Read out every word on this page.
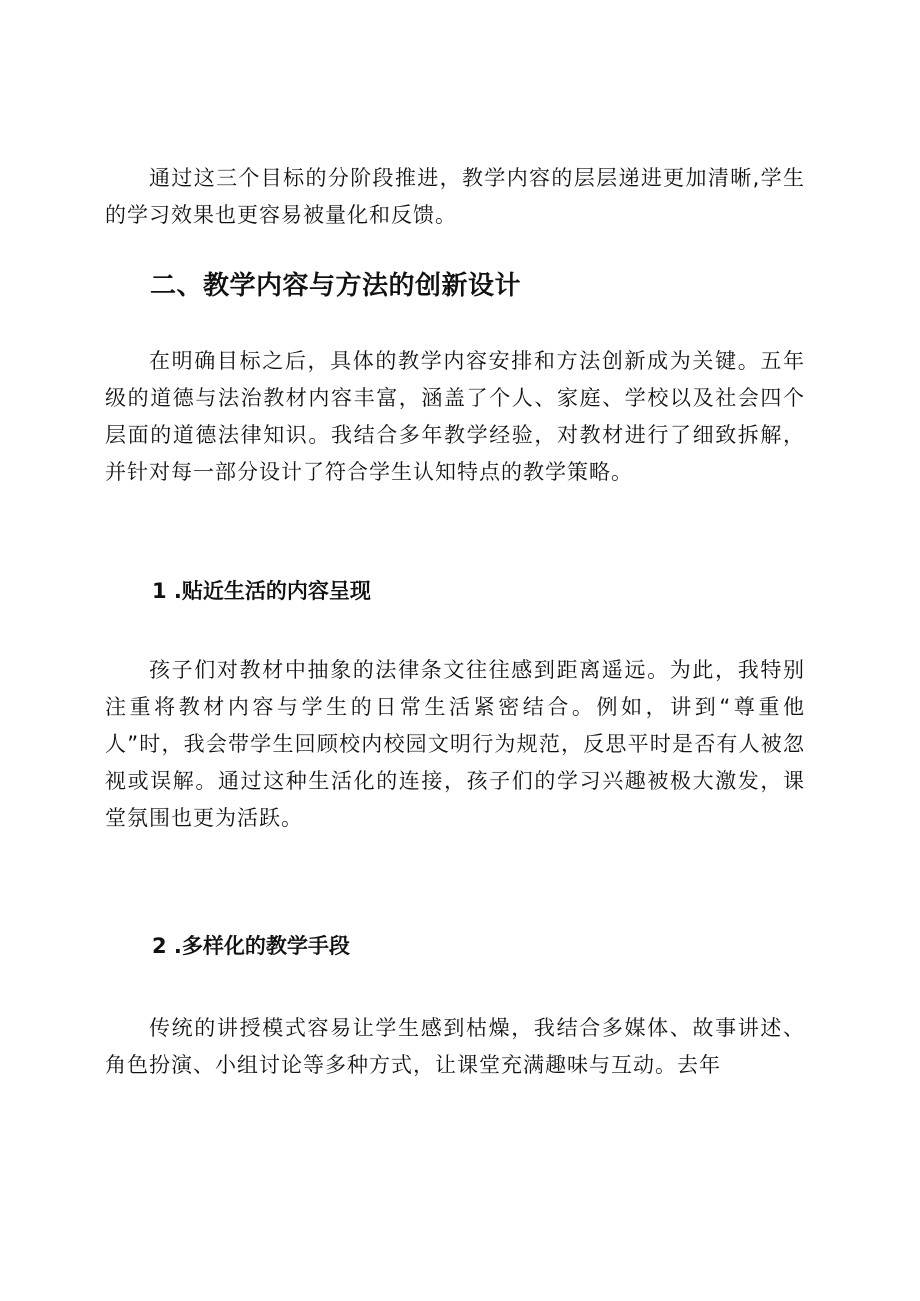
通过这三个目标的分阶段推进，教学内容的层层递进更加清晰,学生的学习效果也更容易被量化和反馈。

二、教学内容与方法的创新设计

在明确目标之后，具体的教学内容安排和方法创新成为关键。五年级的道德与法治教材内容丰富，涵盖了个人、家庭、学校以及社会四个层面的道德法律知识。我结合多年教学经验，对教材进行了细致拆解，并针对每一部分设计了符合学生认知特点的教学策略。

1 .贴近生活的内容呈现

孩子们对教材中抽象的法律条文往往感到距离遥远。为此，我特别注重将教材内容与学生的日常生活紧密结合。例如，讲到“尊重他人”时，我会带学生回顾校内校园文明行为规范，反思平时是否有人被忽视或误解。通过这种生活化的连接，孩子们的学习兴趣被极大激发，课堂氛围也更为活跃。

2 .多样化的教学手段

传统的讲授模式容易让学生感到枯燥，我结合多媒体、故事讲述、角色扮演、小组讨论等多种方式，让课堂充满趣味与互动。去年
